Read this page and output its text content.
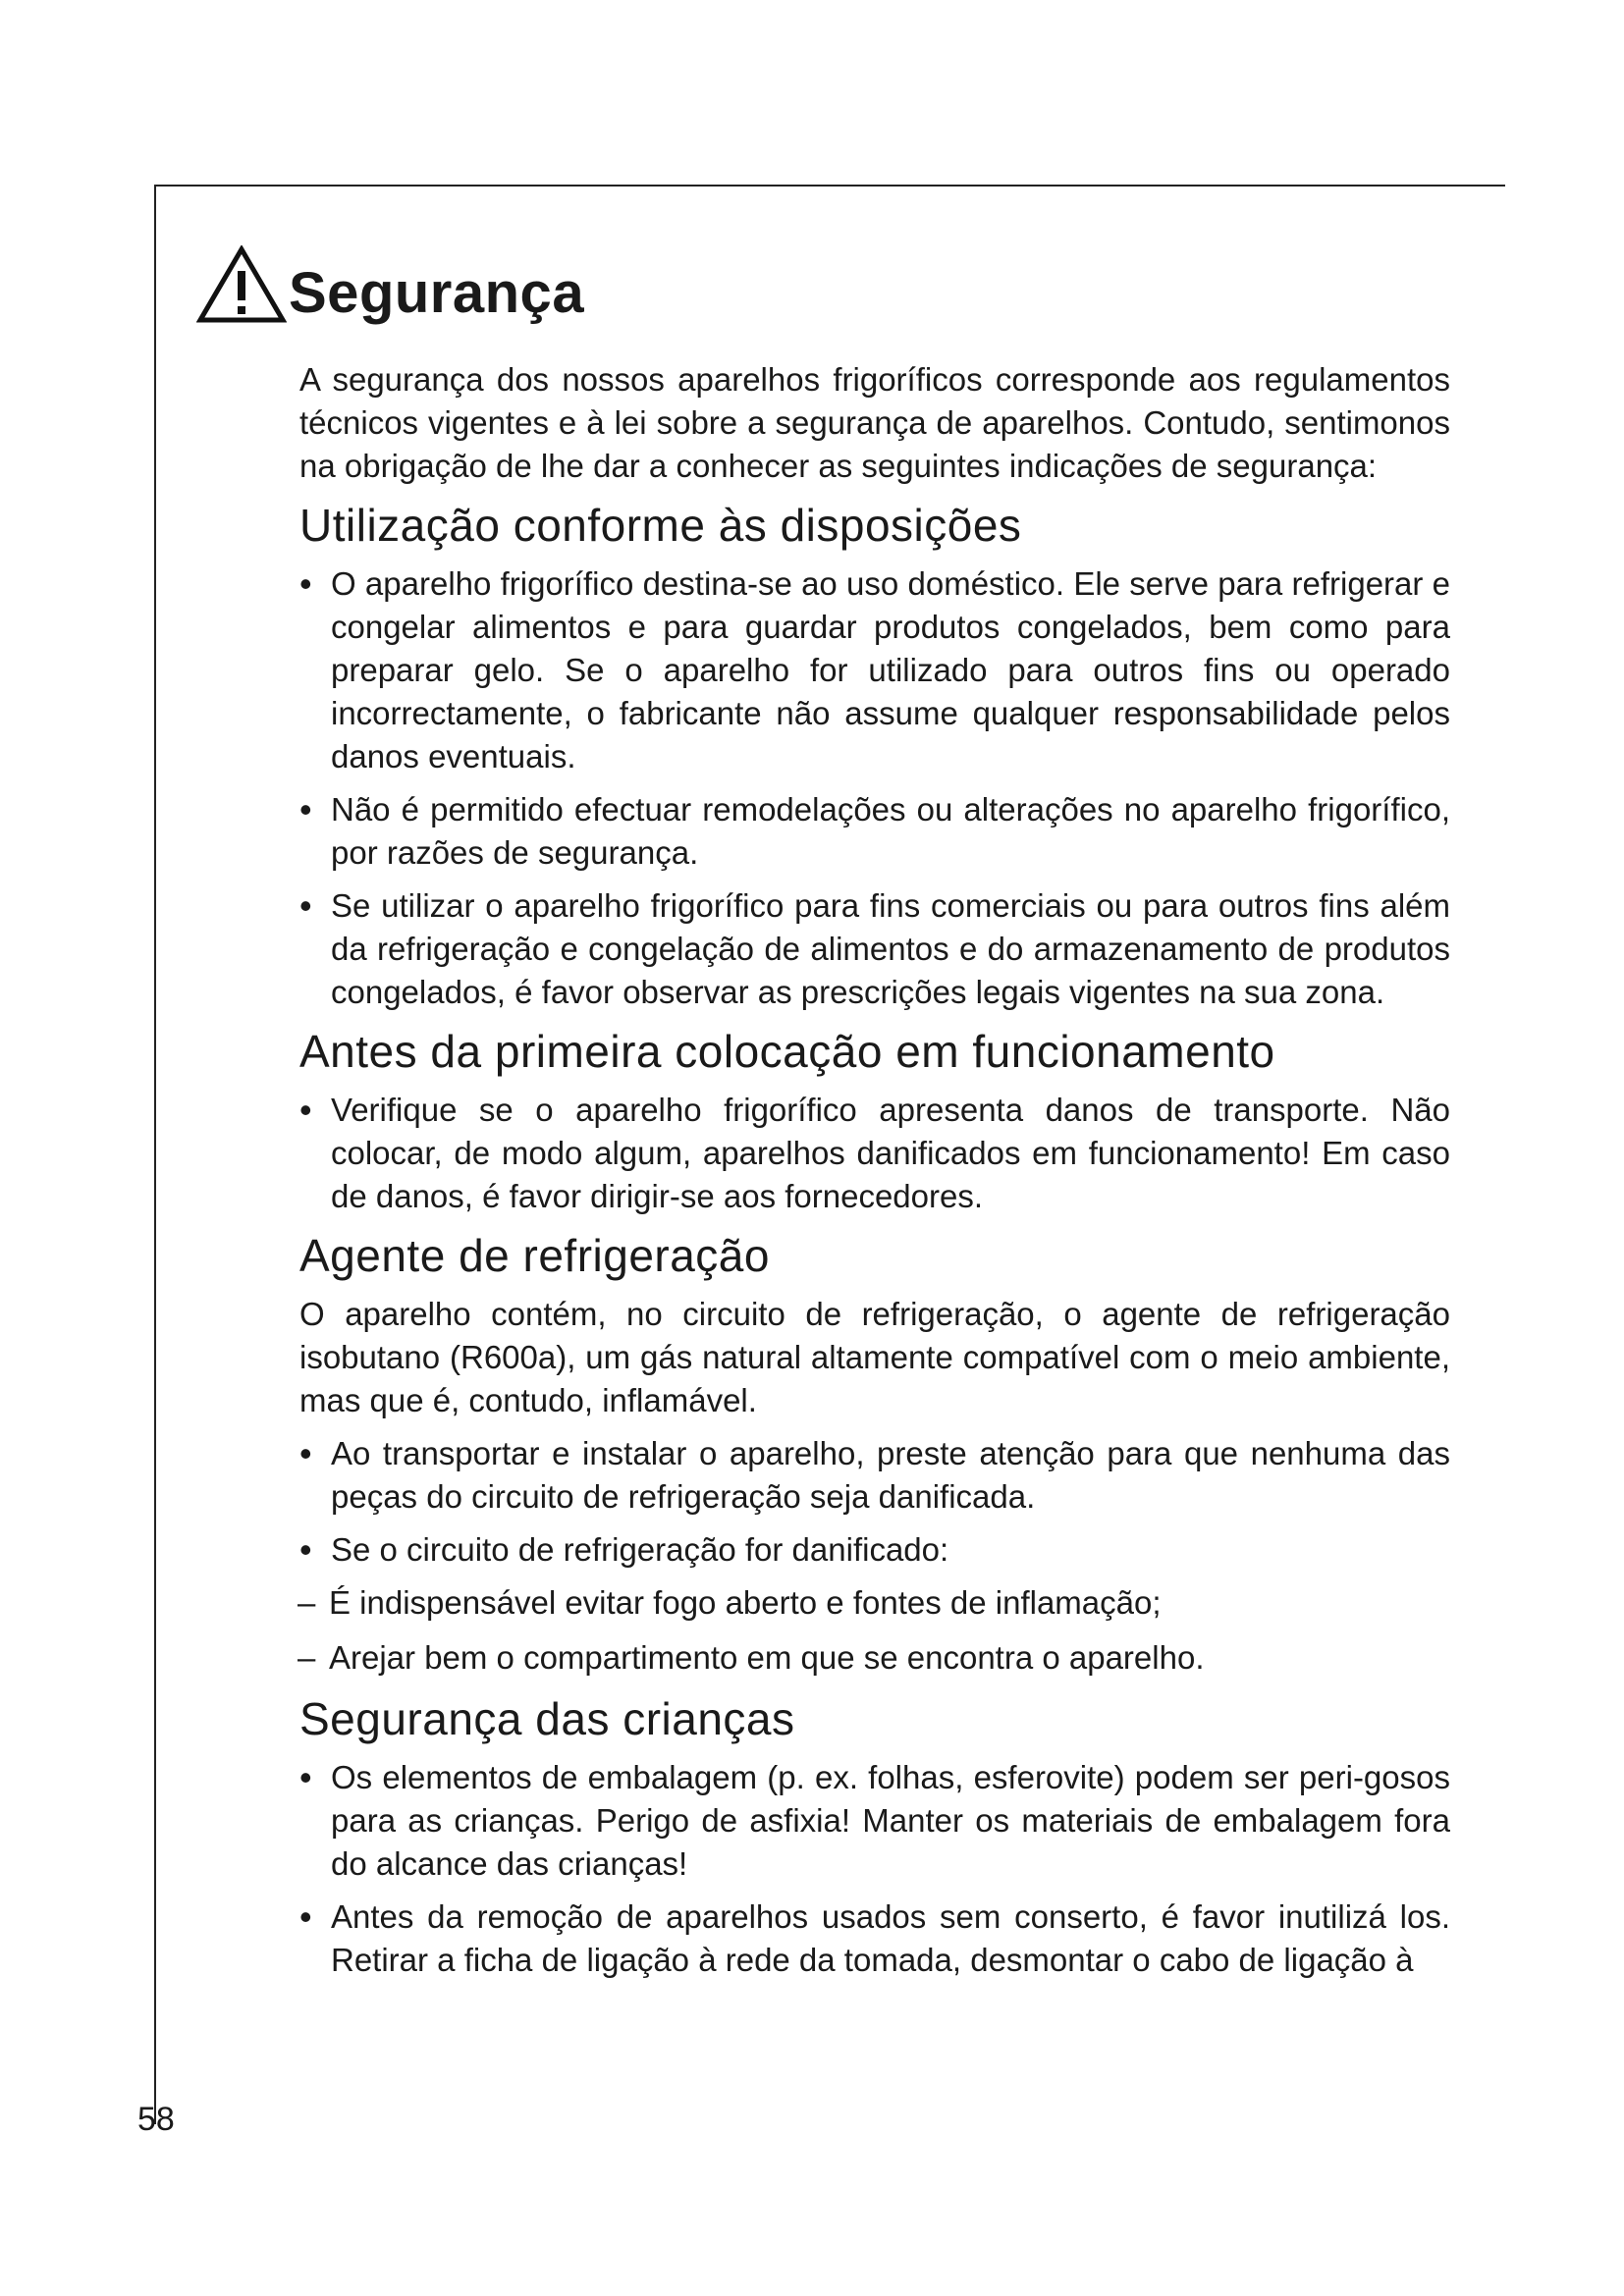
Segurança

A segurança dos nossos aparelhos frigoríficos corresponde aos regulamentos técnicos vigentes e à lei sobre a segurança de aparelhos. Contudo, sentimonos na obrigação de lhe dar a conhecer as seguintes indicações de segurança:

Utilização conforme às disposições
• O aparelho frigorífico destina-se ao uso doméstico. Ele serve para refrigerar e congelar alimentos e para guardar produtos congelados, bem como para preparar gelo. Se o aparelho for utilizado para outros fins ou operado incorrectamente, o fabricante não assume qualquer responsabilidade pelos danos eventuais.
• Não é permitido efectuar remodelações ou alterações no aparelho frigorífico, por razões de segurança.
• Se utilizar o aparelho frigorífico para fins comerciais ou para outros fins além da refrigeração e congelação de alimentos e do armazenamento de produtos congelados, é favor observar as prescrições legais vigentes na sua zona.
Antes da primeira colocação em funcionamento
• Verifique se o aparelho frigorífico apresenta danos de transporte. Não colocar, de modo algum, aparelhos danificados em funcionamento! Em caso de danos, é favor dirigir-se aos fornecedores.
Agente de refrigeração

O aparelho contém, no circuito de refrigeração, o agente de refrigeração isobutano (R600a), um gás natural altamente compatível com o meio ambiente, mas que é, contudo, inflamável.

• Ao transportar e instalar o aparelho, preste atenção para que nenhuma das peças do circuito de refrigeração seja danificada.
• Se o circuito de refrigeração for danificado:
– É indispensável evitar fogo aberto e fontes de inflamação;
– Arejar bem o compartimento em que se encontra o aparelho.
Segurança das crianças
• Os elementos de embalagem (p. ex. folhas, esferovite) podem ser peri-gosos para as crianças. Perigo de asfixia! Manter os materiais de embalagem fora do alcance das crianças!
• Antes da remoção de aparelhos usados sem conserto, é favor inutilizá los. Retirar a ficha de ligação à rede da tomada, desmontar o cabo de ligação à
58
